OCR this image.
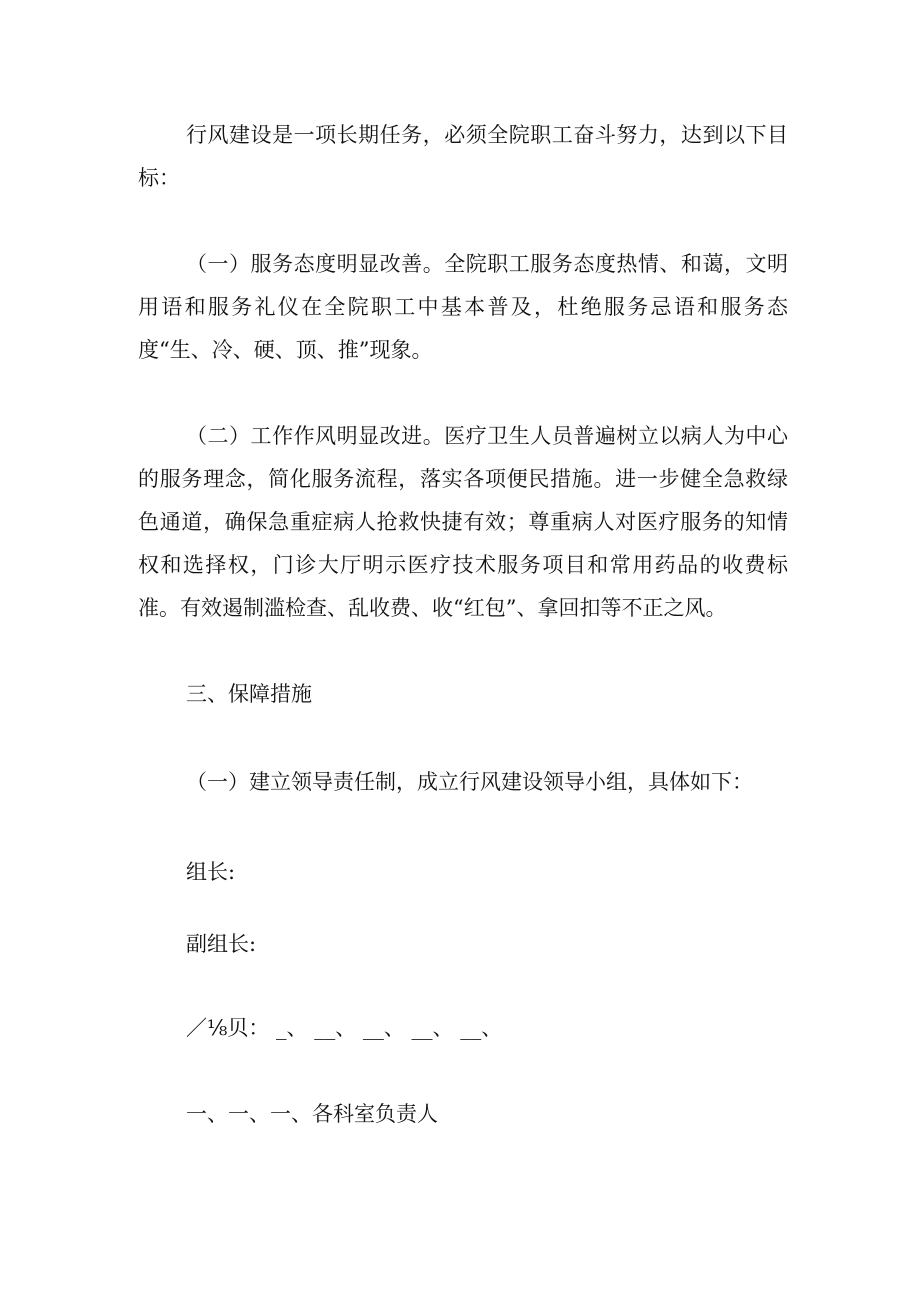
行风建设是一项长期任务，必须全院职工奋斗努力，达到以下目标：

（一）服务态度明显改善。全院职工服务态度热情、和蔼，文明用语和服务礼仪在全院职工中基本普及，杜绝服务忌语和服务态度“生、冷、硬、顶、推”现象。

（二）工作作风明显改进。医疗卫生人员普遍树立以病人为中心的服务理念，简化服务流程，落实各项便民措施。进一步健全急救绿色通道，确保急重症病人抢救快捷有效；尊重病人对医疗服务的知情权和选择权，门诊大厅明示医疗技术服务项目和常用药品的收费标准。有效遏制滥检查、乱收费、收“红包”、拿回扣等不正之风。

三、保障措施

（一）建立领导责任制，成立行风建设领导小组，具体如下：

组长:

副组长:

／⅛贝： _、 __、 __、 __、 __、

一、一、一、各科室负责人
